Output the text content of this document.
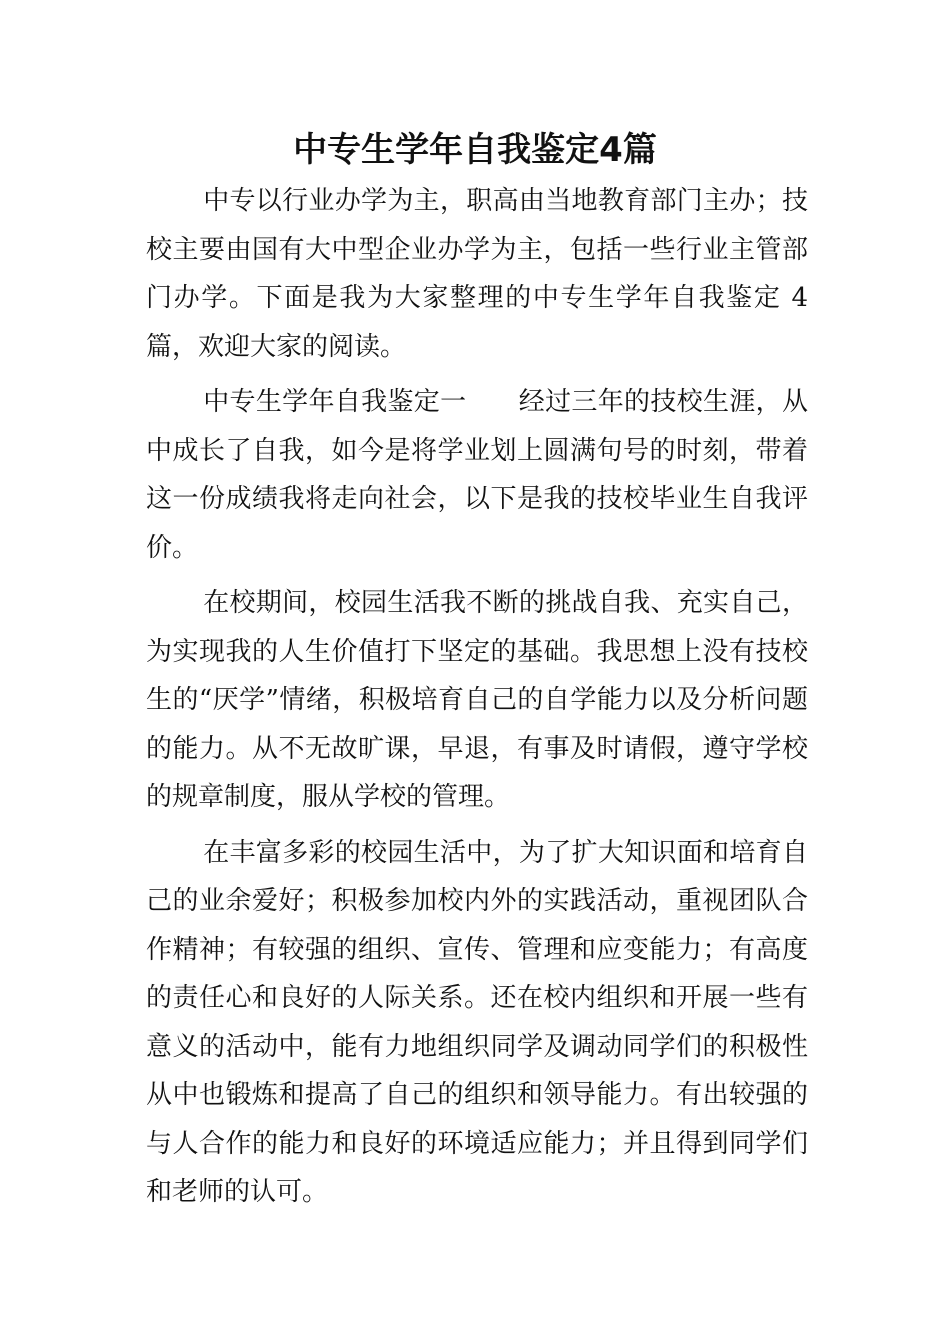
中专生学年自我鉴定4篇

中专以行业办学为主，职高由当地教育部门主办；技校主要由国有大中型企业办学为主，包括一些行业主管部门办学。下面是我为大家整理的中专生学年自我鉴定 4 篇，欢迎大家的阅读。

中专生学年自我鉴定一 经过三年的技校生涯，从中成长了自我，如今是将学业划上圆满句号的时刻，带着这一份成绩我将走向社会，以下是我的技校毕业生自我评价。

在校期间，校园生活我不断的挑战自我、充实自己，为实现我的人生价值打下坚定的基础。我思想上没有技校生的“厌学”情绪，积极培育自己的自学能力以及分析问题的能力。从不无故旷课，早退，有事及时请假，遵守学校的规章制度，服从学校的管理。

在丰富多彩的校园生活中，为了扩大知识面和培育自己的业余爱好；积极参加校内外的实践活动，重视团队合作精神；有较强的组织、宣传、管理和应变能力；有高度的责任心和良好的人际关系。还在校内组织和开展一些有意义的活动中，能有力地组织同学及调动同学们的积极性从中也锻炼和提高了自己的组织和领导能力。有出较强的与人合作的能力和良好的环境适应能力；并且得到同学们和老师的认可。
